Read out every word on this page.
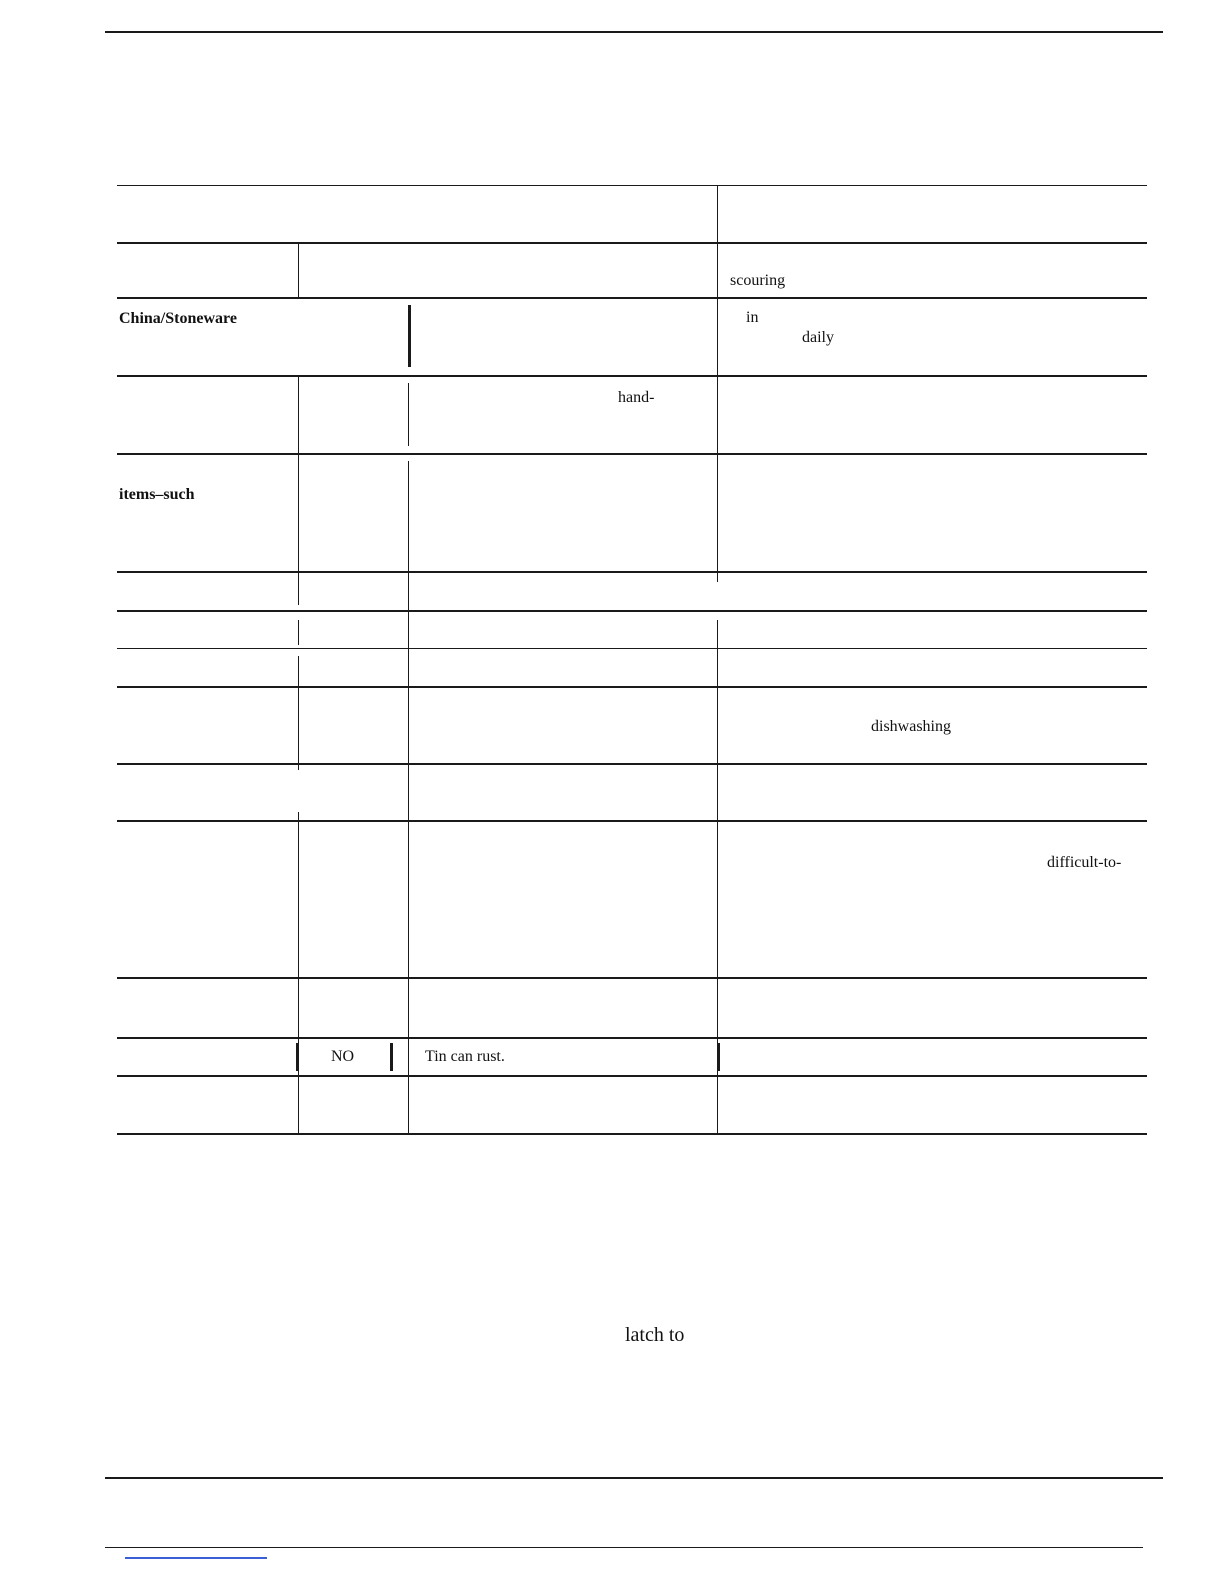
scouring
China/Stoneware	in
daily
hand-
items–such
dishwashing
difficult-to-
NO	Tin can rust.
latch to
